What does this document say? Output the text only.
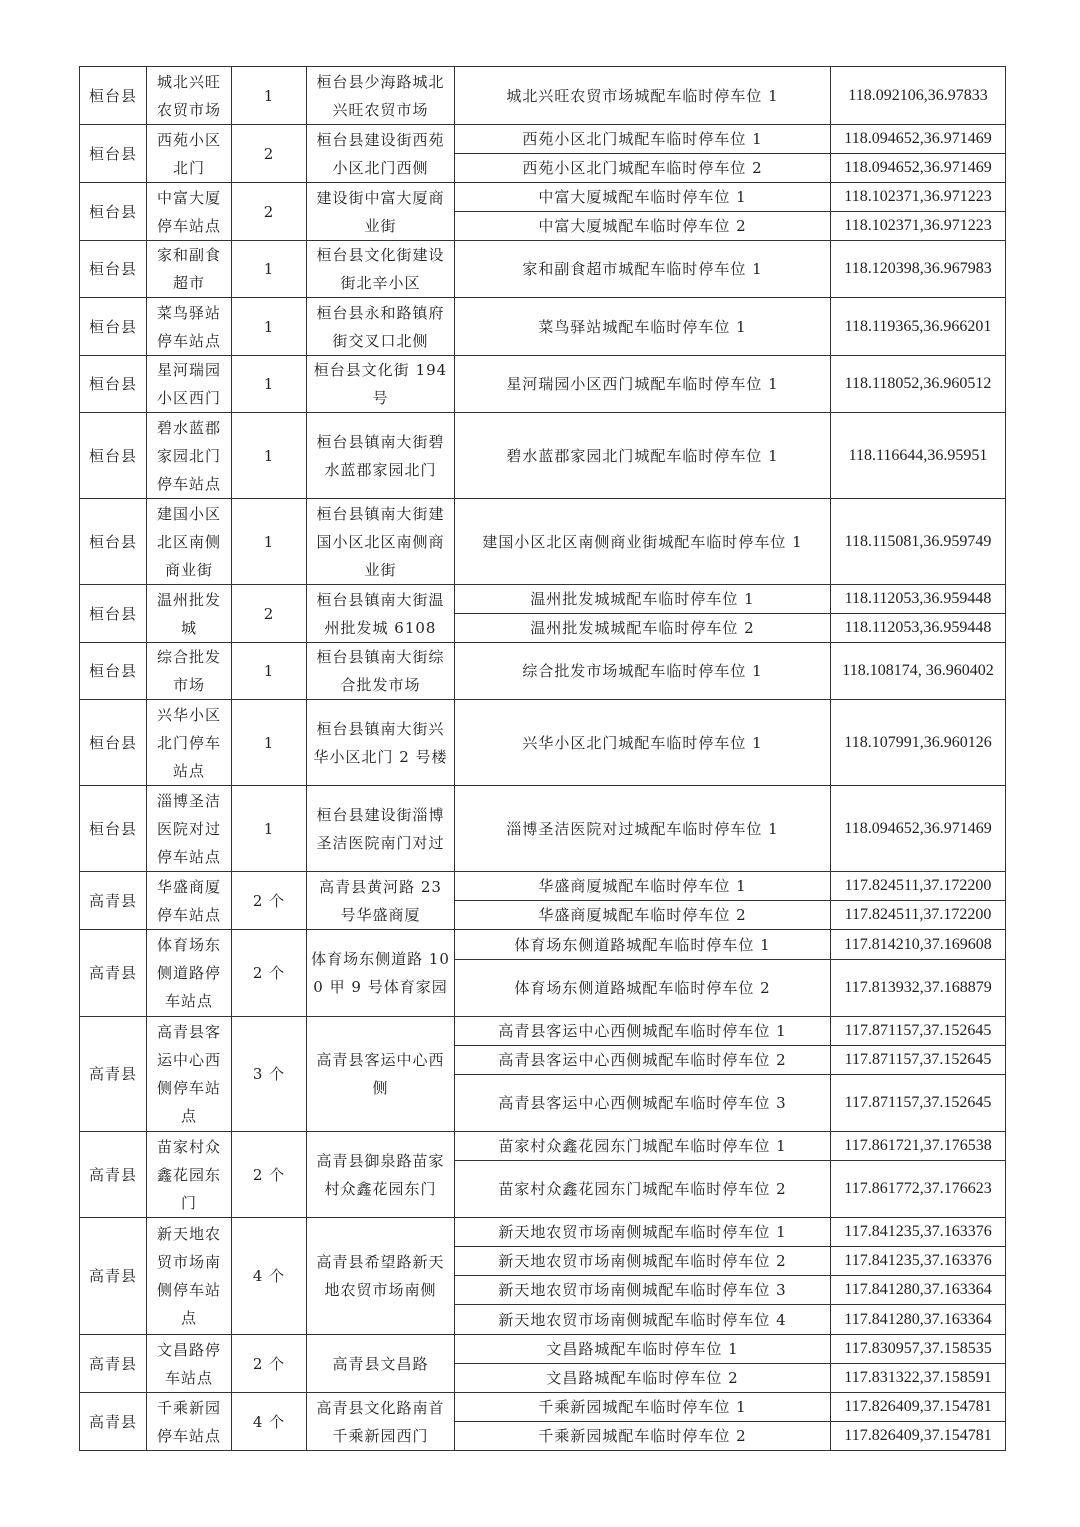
桓台县	城北兴旺农贸市场	1	桓台县少海路城北兴旺农贸市场	城北兴旺农贸市场城配车临时停车位 1	118.092106,36.97833
桓台县	西苑小区北门	2	桓台县建设街西苑小区北门西侧	西苑小区北门城配车临时停车位 1	118.094652,36.971469
				西苑小区北门城配车临时停车位 2	118.094652,36.971469
桓台县	中富大厦停车站点	2	建设街中富大厦商业街	中富大厦城配车临时停车位 1	118.102371,36.971223
				中富大厦城配车临时停车位 2	118.102371,36.971223
桓台县	家和副食超市	1	桓台县文化街建设街北辛小区	家和副食超市城配车临时停车位 1	118.120398,36.967983
桓台县	菜鸟驿站停车站点	1	桓台县永和路镇府街交叉口北侧	菜鸟驿站城配车临时停车位 1	118.119365,36.966201
桓台县	星河瑞园小区西门	1	桓台县文化街 194 号	星河瑞园小区西门城配车临时停车位 1	118.118052,36.960512
桓台县	碧水蓝郡家园北门停车站点	1	桓台县镇南大街碧水蓝郡家园北门	碧水蓝郡家园北门城配车临时停车位 1	118.116644,36.95951
桓台县	建国小区北区南侧商业街	1	桓台县镇南大街建国小区北区南侧商业街	建国小区北区南侧商业街城配车临时停车位 1	118.115081,36.959749
桓台县	温州批发城	2	桓台县镇南大街温州批发城 6108	温州批发城城配车临时停车位 1	118.112053,36.959448
				温州批发城城配车临时停车位 2	118.112053,36.959448
桓台县	综合批发市场	1	桓台县镇南大街综合批发市场	综合批发市场城配车临时停车位 1	118.108174, 36.960402
桓台县	兴华小区北门停车站点	1	桓台县镇南大街兴华小区北门 2 号楼	兴华小区北门城配车临时停车位 1	118.107991,36.960126
桓台县	淄博圣洁医院对过停车站点	1	桓台县建设街淄博圣洁医院南门对过	淄博圣洁医院对过城配车临时停车位 1	118.094652,36.971469
高青县	华盛商厦停车站点	2 个	高青县黄河路 23 号华盛商厦	华盛商厦城配车临时停车位 1	117.824511,37.172200
				华盛商厦城配车临时停车位 2	117.824511,37.172200
高青县	体育场东侧道路停车站点	2 个	体育场东侧道路 100 甲 9 号体育家园	体育场东侧道路城配车临时停车位 1	117.814210,37.169608
				体育场东侧道路城配车临时停车位 2	117.813932,37.168879
高青县	高青县客运中心西侧停车站点	3 个	高青县客运中心西侧	高青县客运中心西侧城配车临时停车位 1	117.871157,37.152645
				高青县客运中心西侧城配车临时停车位 2	117.871157,37.152645
				高青县客运中心西侧城配车临时停车位 3	117.871157,37.152645
高青县	苗家村众鑫花园东门	2 个	高青县御泉路苗家村众鑫花园东门	苗家村众鑫花园东门城配车临时停车位 1	117.861721,37.176538
				苗家村众鑫花园东门城配车临时停车位 2	117.861772,37.176623
高青县	新天地农贸市场南侧停车站点	4 个	高青县希望路新天地农贸市场南侧	新天地农贸市场南侧城配车临时停车位 1	117.841235,37.163376
				新天地农贸市场南侧城配车临时停车位 2	117.841235,37.163376
				新天地农贸市场南侧城配车临时停车位 3	117.841280,37.163364
				新天地农贸市场南侧城配车临时停车位 4	117.841280,37.163364
高青县	文昌路停车站点	2 个	高青县文昌路	文昌路城配车临时停车位 1	117.830957,37.158535
				文昌路城配车临时停车位 2	117.831322,37.158591
高青县	千乘新园停车站点	4 个	高青县文化路南首千乘新园西门	千乘新园城配车临时停车位 1	117.826409,37.154781
				千乘新园城配车临时停车位 2	117.826409,37.154781
